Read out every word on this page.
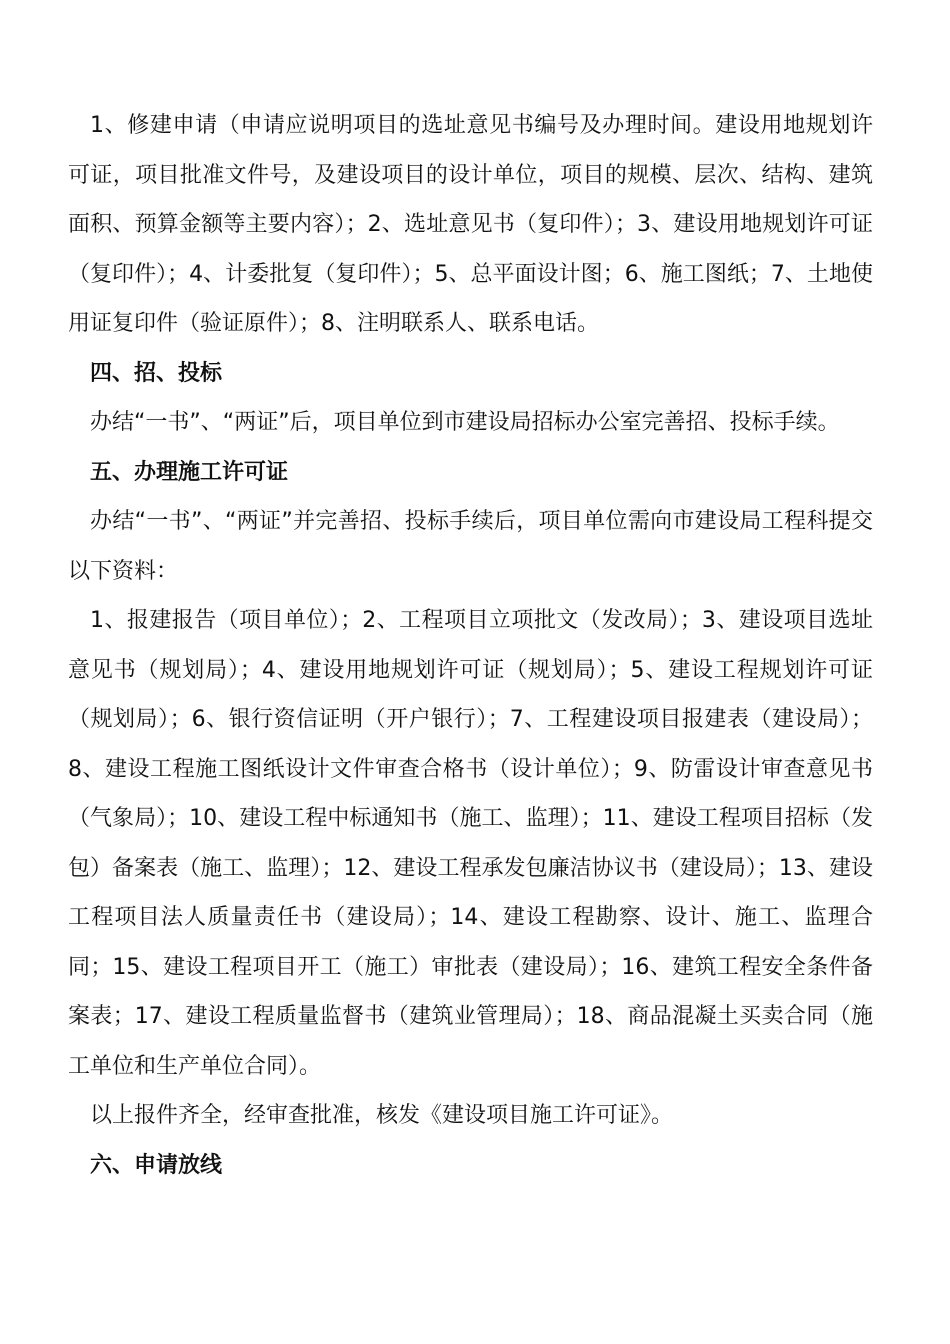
1、修建申请（申请应说明项目的选址意见书编号及办理时间。建设用地规划许可证，项目批准文件号，及建设项目的设计单位，项目的规模、层次、结构、建筑面积、预算金额等主要内容）；2、选址意见书（复印件）；3、建设用地规划许可证（复印件）；4、计委批复（复印件）；5、总平面设计图；6、施工图纸；7、土地使用证复印件（验证原件）；8、注明联系人、联系电话。

四、招、投标

办结“一书”、“两证”后，项目单位到市建设局招标办公室完善招、投标手续。

五、办理施工许可证

办结“一书”、“两证”并完善招、投标手续后，项目单位需向市建设局工程科提交以下资料：

1、报建报告（项目单位）；2、工程项目立项批文（发改局）；3、建设项目选址意见书（规划局）；4、建设用地规划许可证（规划局）；5、建设工程规划许可证（规划局）；6、银行资信证明（开户银行）；7、工程建设项目报建表（建设局）；8、建设工程施工图纸设计文件审查合格书（设计单位）；9、防雷设计审查意见书（气象局）；10、建设工程中标通知书（施工、监理）；11、建设工程项目招标（发包）备案表（施工、监理）；12、建设工程承发包廉洁协议书（建设局）；13、建设工程项目法人质量责任书（建设局）；14、建设工程勘察、设计、施工、监理合同；15、建设工程项目开工（施工）审批表（建设局）；16、建筑工程安全条件备案表；17、建设工程质量监督书（建筑业管理局）；18、商品混凝土买卖合同（施工单位和生产单位合同）。

以上报件齐全，经审查批准，核发《建设项目施工许可证》。

六、申请放线
